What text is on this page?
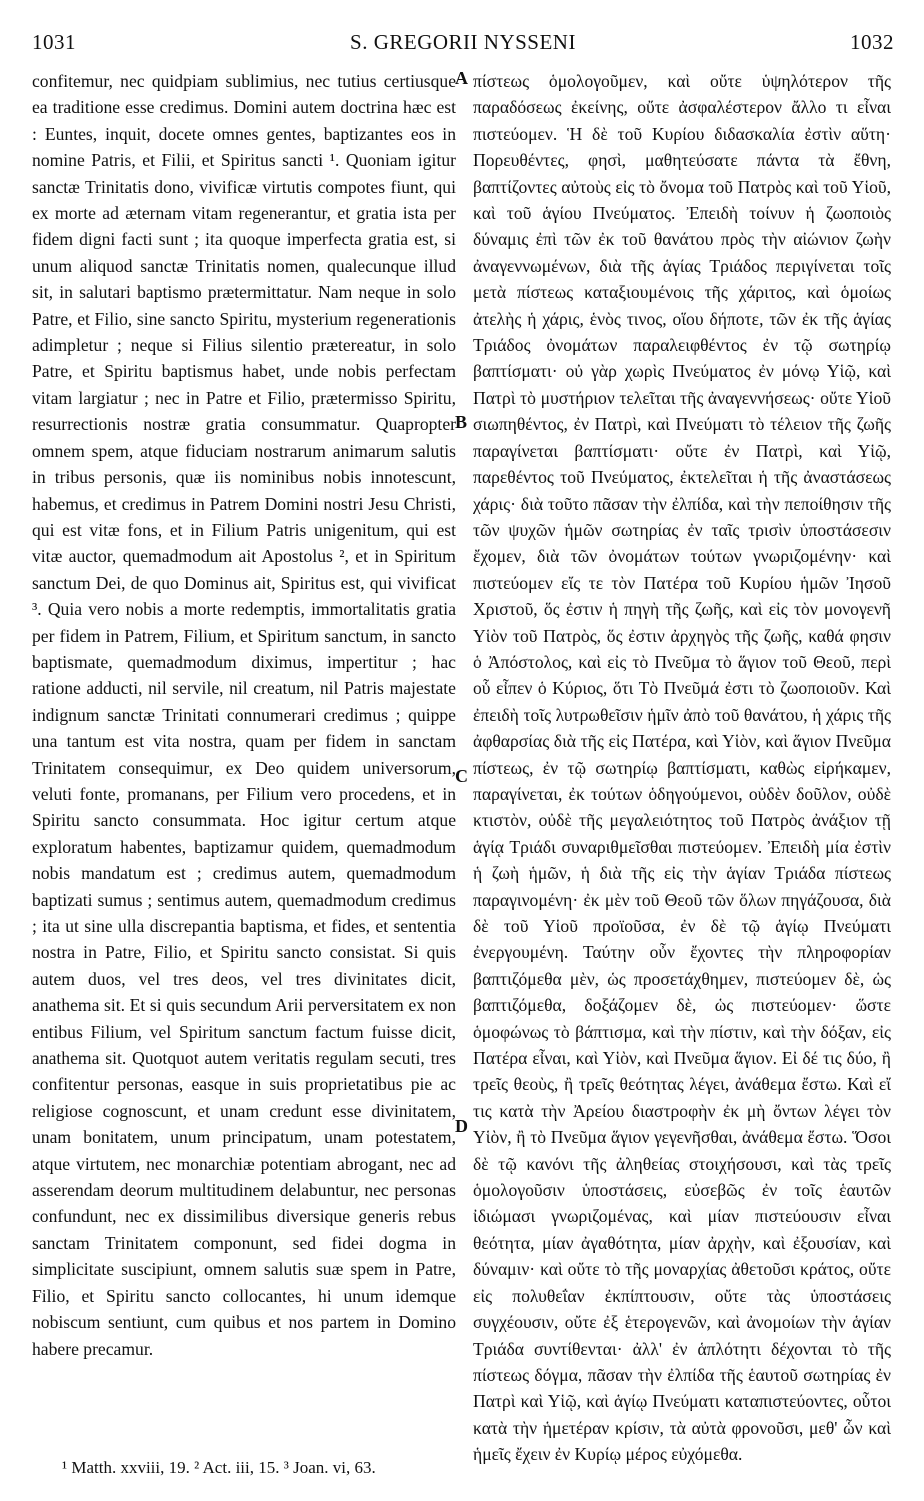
1031	S. GREGORII NYSSENI	1032

confitemur, nec quidpiam sublimius, nec tutius certiusque ea traditione esse credimus. Domini autem doctrina hæc est : Euntes, inquit, docete omnes gentes, baptizantes eos in nomine Patris, et Filii, et Spiritus sancti ¹. Quoniam igitur sanctæ Trinitatis dono, vivificæ virtutis compotes fiunt, qui ex morte ad æternam vitam regenerantur, et gratia ista per fidem digni facti sunt ; ita quoque imperfecta gratia est, si unum aliquod sanctæ Trinitatis nomen, qualecunque illud sit, in salutari baptismo prætermittatur. Nam neque in solo Patre, et Filio, sine sancto Spiritu, mysterium regenerationis adimpletur ; neque si Filius silentio prætereatur, in solo Patre, et Spiritu baptismus habet, unde nobis perfectam vitam largiatur ; nec in Patre et Filio, prætermisso Spiritu, resurrectionis nostræ gratia consummatur. Quapropter omnem spem, atque fiduciam nostrarum animarum salutis in tribus personis, quæ iis nominibus nobis innotescunt, habemus, et credimus in Patrem Domini nostri Jesu Christi, qui est vitæ fons, et in Filium Patris unigenitum, qui est vitæ auctor, quemadmodum ait Apostolus ², et in Spiritum sanctum Dei, de quo Dominus ait, Spiritus est, qui vivificat ³. Quia vero nobis a morte redemptis, immortalitatis gratia per fidem in Patrem, Filium, et Spiritum sanctum, in sancto baptismate, quemadmodum diximus, impertitur ; hac ratione adducti, nil servile, nil creatum, nil Patris majestate indignum sanctæ Trinitati connumerari credimus ; quippe una tantum est vita nostra, quam per fidem in sanctam Trinitatem consequimur, ex Deo quidem universorum, veluti fonte, promanans, per Filium vero procedens, et in Spiritu sancto consummata. Hoc igitur certum atque exploratum habentes, baptizamur quidem, quemadmodum nobis mandatum est ; credimus autem, quemadmodum baptizati sumus ; sentimus autem, quemadmodum credimus ; ita ut sine ulla discrepantia baptisma, et fides, et sententia nostra in Patre, Filio, et Spiritu sancto consistat. Si quis autem duos, vel tres deos, vel tres divinitates dicit, anathema sit. Et si quis secundum Arii perversitatem ex non entibus Filium, vel Spiritum sanctum factum fuisse dicit, anathema sit. Quotquot autem veritatis regulam secuti, tres confitentur personas, easque in suis proprietatibus pie ac religiose cognoscunt, et unam credunt esse divinitatem, unam bonitatem, unum principatum, unam potestatem, atque virtutem, nec monarchiæ potentiam abrogant, nec ad asserendam deorum multitudinem delabuntur, nec personas confundunt, nec ex dissimilibus diversique generis rebus sanctam Trinitatem componunt, sed fidei dogma in simplicitate suscipiunt, omnem salutis suæ spem in Patre, Filio, et Spiritu sancto collocantes, hi unum idemque nobiscum sentiunt, cum quibus et nos partem in Domino habere precamur.

A
B
C
D

πίστεως ὁμολογοῦμεν, καὶ οὔτε ὑψηλότερον τῆς παραδόσεως ἐκείνης, οὔτε ἀσφαλέστερον ἄλλο τι εἶναι πιστεύομεν. Ἡ δὲ τοῦ Κυρίου διδασκαλία ἐστὶν αὕτη· Πορευθέντες, φησὶ, μαθητεύσατε πάντα τὰ ἔθνη, βαπτίζοντες αὐτοὺς εἰς τὸ ὄνομα τοῦ Πατρὸς καὶ τοῦ Υἱοῦ, καὶ τοῦ ἁγίου Πνεύματος. Ἐπειδὴ τοίνυν ἡ ζωοποιὸς δύναμις ἐπὶ τῶν ἐκ τοῦ θανάτου πρὸς τὴν αἰώνιον ζωὴν ἀναγεννωμένων, διὰ τῆς ἁγίας Τριάδος περιγίνεται τοῖς μετὰ πίστεως καταξιουμένοις τῆς χάριτος, καὶ ὁμοίως ἀτελὴς ἡ χάρις, ἑνὸς τινος, οἵου δήποτε, τῶν ἐκ τῆς ἁγίας Τριάδος ὀνομάτων παραλειφθέντος ἐν τῷ σωτηρίῳ βαπτίσματι· οὐ γὰρ χωρὶς Πνεύματος ἐν μόνῳ Υἱῷ, καὶ Πατρὶ τὸ μυστήριον τελεῖται τῆς ἀναγεννήσεως· οὔτε Υἱοῦ σιωπηθέντος, ἐν Πατρὶ, καὶ Πνεύματι τὸ τέλειον τῆς ζωῆς παραγίνεται βαπτίσματι· οὔτε ἐν Πατρὶ, καὶ Υἱῷ, παρεθέντος τοῦ Πνεύματος, ἐκτελεῖται ἡ τῆς ἀναστάσεως χάρις· διὰ τοῦτο πᾶσαν τὴν ἐλπίδα, καὶ τὴν πεποίθησιν τῆς τῶν ψυχῶν ἡμῶν σωτηρίας ἐν ταῖς τρισὶν ὑποστάσεσιν ἔχομεν, διὰ τῶν ὀνομάτων τούτων γνωριζομένην· καὶ πιστεύομεν εἴς τε τὸν Πατέρα τοῦ Κυρίου ἡμῶν Ἰησοῦ Χριστοῦ, ὅς ἐστιν ἡ πηγὴ τῆς ζωῆς, καὶ εἰς τὸν μονογενῆ Υἱὸν τοῦ Πατρὸς, ὅς ἐστιν ἀρχηγὸς τῆς ζωῆς, καθά φησιν ὁ Ἀπόστολος, καὶ εἰς τὸ Πνεῦμα τὸ ἅγιον τοῦ Θεοῦ, περὶ οὗ εἶπεν ὁ Κύριος, ὅτι Τὸ Πνεῦμά ἐστι τὸ ζωοποιοῦν. Καὶ ἐπειδὴ τοῖς λυτρωθεῖσιν ἡμῖν ἀπὸ τοῦ θανάτου, ἡ χάρις τῆς ἀφθαρσίας διὰ τῆς εἰς Πατέρα, καὶ Υἱὸν, καὶ ἅγιον Πνεῦμα πίστεως, ἐν τῷ σωτηρίῳ βαπτίσματι, καθὼς εἰρήκαμεν, παραγίνεται, ἐκ τούτων ὁδηγούμενοι, οὐδὲν δοῦλον, οὐδὲ κτιστὸν, οὐδὲ τῆς μεγαλειότητος τοῦ Πατρὸς ἀνάξιον τῇ ἁγίᾳ Τριάδι συναριθμεῖσθαι πιστεύομεν. Ἐπειδὴ μία ἐστὶν ἡ ζωὴ ἡμῶν, ἡ διὰ τῆς εἰς τὴν ἁγίαν Τριάδα πίστεως παραγινομένη· ἐκ μὲν τοῦ Θεοῦ τῶν ὅλων πηγάζουσα, διὰ δὲ τοῦ Υἱοῦ προϊοῦσα, ἐν δὲ τῷ ἁγίῳ Πνεύματι ἐνεργουμένη. Ταύτην οὖν ἔχοντες τὴν πληροφορίαν βαπτιζόμεθα μὲν, ὡς προσετάχθημεν, πιστεύομεν δὲ, ὡς βαπτιζόμεθα, δοξάζομεν δὲ, ὡς πιστεύομεν· ὥστε ὁμοφώνως τὸ βάπτισμα, καὶ τὴν πίστιν, καὶ τὴν δόξαν, εἰς Πατέρα εἶναι, καὶ Υἱὸν, καὶ Πνεῦμα ἅγιον. Εἰ δέ τις δύο, ἢ τρεῖς θεοὺς, ἢ τρεῖς θεότητας λέγει, ἀνάθεμα ἔστω. Καὶ εἴ τις κατὰ τὴν Ἀρείου διαστροφὴν ἐκ μὴ ὄντων λέγει τὸν Υἱὸν, ἢ τὸ Πνεῦμα ἅγιον γεγενῆσθαι, ἀνάθεμα ἔστω. Ὅσοι δὲ τῷ κανόνι τῆς ἀληθείας στοιχήσουσι, καὶ τὰς τρεῖς ὁμολογοῦσιν ὑποστάσεις, εὐσεβῶς ἐν τοῖς ἑαυτῶν ἰδιώμασι γνωριζομένας, καὶ μίαν πιστεύουσιν εἶναι θεότητα, μίαν ἀγαθότητα, μίαν ἀρχὴν, καὶ ἐξουσίαν, καὶ δύναμιν· καὶ οὔτε τὸ τῆς μοναρχίας ἀθετοῦσι κράτος, οὔτε εἰς πολυθεΐαν ἐκπίπτουσιν, οὔτε τὰς ὑποστάσεις συγχέουσιν, οὔτε ἐξ ἑτερογενῶν, καὶ ἀνομοίων τὴν ἁγίαν Τριάδα συντίθενται· ἀλλ' ἐν ἁπλότητι δέχονται τὸ τῆς πίστεως δόγμα, πᾶσαν τὴν ἐλπίδα τῆς ἑαυτοῦ σωτηρίας ἐν Πατρὶ καὶ Υἱῷ, καὶ ἁγίῳ Πνεύματι καταπιστεύοντες, οὗτοι κατὰ τὴν ἡμετέραν κρίσιν, τὰ αὐτὰ φρονοῦσι, μεθ' ὧν καὶ ἡμεῖς ἔχειν ἐν Κυρίῳ μέρος εὐχόμεθα.

¹ Matth. xxviii, 19. ² Act. iii, 15. ³ Joan. vi, 63.
